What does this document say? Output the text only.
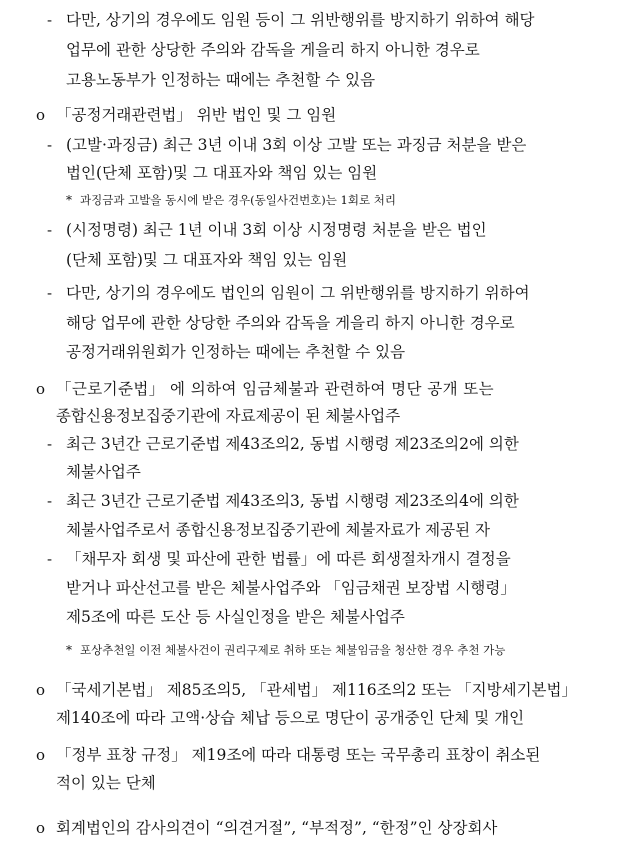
- 다만, 상기의 경우에도 임원 등이 그 위반행위를 방지하기 위하여 해당
업무에 관한 상당한 주의와 감독을 게을리 하지 아니한 경우로
고용노동부가 인정하는 때에는 추천할 수 있음
o 「공정거래관련법」 위반 법인 및 그 임원
- (고발·과징금) 최근 3년 이내 3회 이상 고발 또는 과징금 처분을 받은
법인(단체 포함)및 그 대표자와 책임 있는 임원
* 과징금과 고발을 동시에 받은 경우(동일사건번호)는 1회로 처리
- (시정명령) 최근 1년 이내 3회 이상 시정명령 처분을 받은 법인
(단체 포함)및 그 대표자와 책임 있는 임원
- 다만, 상기의 경우에도 법인의 임원이 그 위반행위를 방지하기 위하여
해당 업무에 관한 상당한 주의와 감독을 게을리 하지 아니한 경우로
공정거래위원회가 인정하는 때에는 추천할 수 있음
o 「근로기준법」 에 의하여 임금체불과 관련하여 명단 공개 또는
종합신용정보집중기관에 자료제공이 된 체불사업주
- 최근 3년간 근로기준법 제43조의2, 동법 시행령 제23조의2에 의한
체불사업주
- 최근 3년간 근로기준법 제43조의3, 동법 시행령 제23조의4에 의한
체불사업주로서 종합신용정보집중기관에 체불자료가 제공된 자
- 「채무자 회생 및 파산에 관한 법률」에 따른 회생절차개시 결정을
받거나 파산선고를 받은 체불사업주와 「임금채권 보장법 시행령」
제5조에 따른 도산 등 사실인정을 받은 체불사업주
* 포상추천일 이전 체불사건이 권리구제로 취하 또는 체불임금을 청산한 경우 추천 가능
o 「국세기본법」 제85조의5, 「관세법」 제116조의2 또는 「지방세기본법」
제140조에 따라 고액·상습 체납 등으로 명단이 공개중인 단체 및 개인
o 「정부 표창 규정」 제19조에 따라 대통령 또는 국무총리 표창이 취소된
적이 있는 단체
o 회계법인의 감사의견이 “의견거절”, “부적정”, “한정”인 상장회사
